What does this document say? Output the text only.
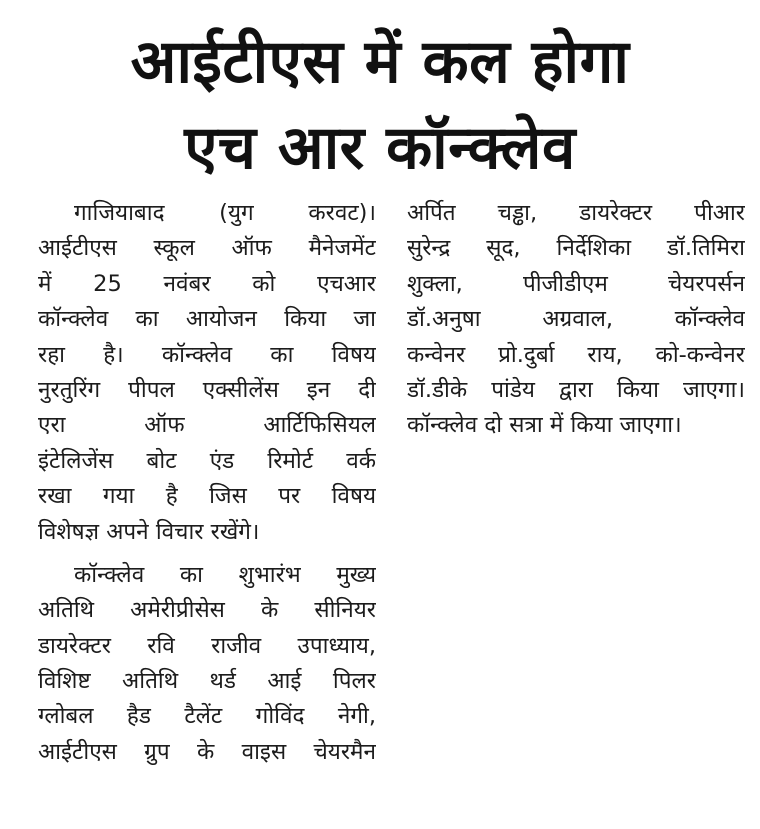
आईटीएस में कल होगा
एच आर कॉन्क्लेव
गाजियाबाद (युग करवट)।
आईटीएस स्कूल ऑफ मैनेजमेंट
में 25 नवंबर को एचआर
कॉन्क्लेव का आयोजन किया जा
रहा है। कॉन्क्लेव का विषय
नुरतुरिंग पीपल एक्सीलेंस इन दी
एरा ऑफ आर्टिफिसियल
इंटेलिजेंस बोट एंड रिमोर्ट वर्क
रखा गया है जिस पर विषय
विशेषज्ञ अपने विचार रखेंगे।
कॉन्क्लेव का शुभारंभ मुख्य
अतिथि अमेरीप्रीसेस के सीनियर
डायरेक्टर रवि राजीव उपाध्याय,
विशिष्ट अतिथि थर्ड आई पिलर
ग्लोबल हैड टैलेंट गोविंद नेगी,
आईटीएस ग्रुप के वाइस चेयरमैन
अर्पित चड्ढा, डायरेक्टर पीआर
सुरेन्द्र सूद, निर्देशिका डॉ.तिमिरा
शुक्ला, पीजीडीएम चेयरपर्सन
डॉ.अनुषा अग्रवाल, कॉन्क्लेव
कन्वेनर प्रो.दुर्बा राय, को-कन्वेनर
डॉ.डीके पांडेय द्वारा किया जाएगा।
कॉन्क्लेव दो सत्रा में किया जाएगा।
